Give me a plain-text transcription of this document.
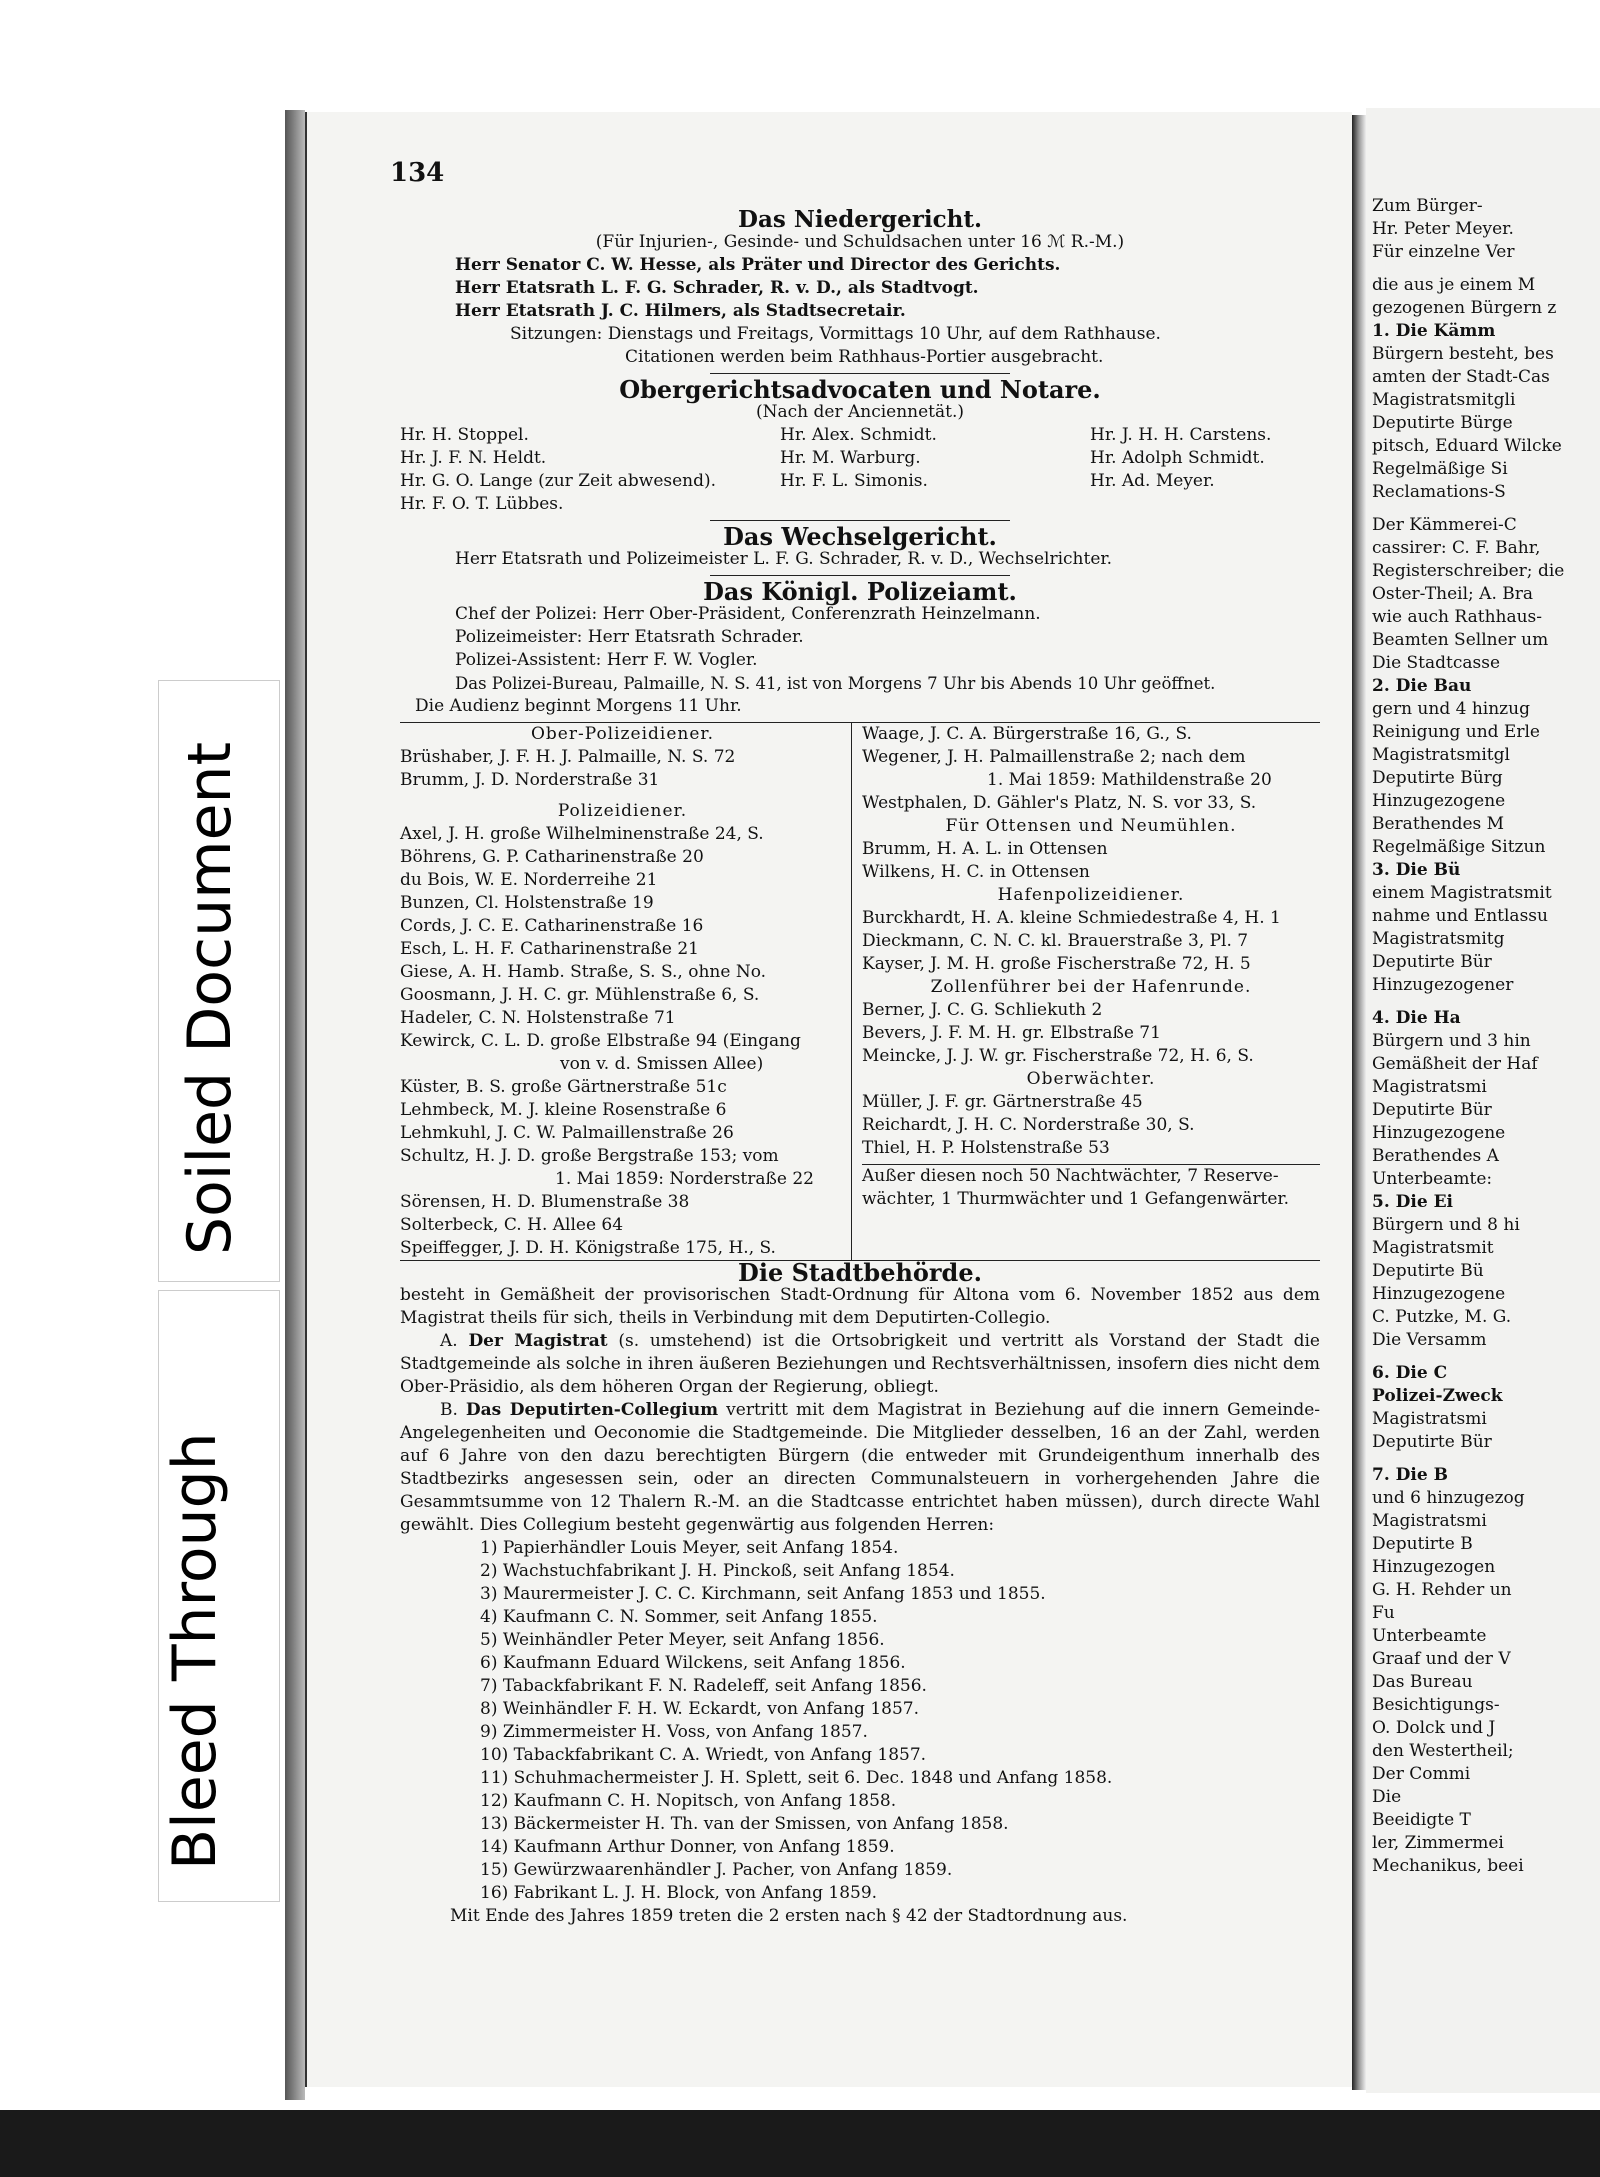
134

Das Niedergericht.

(Für Injurien-, Gesinde- und Schuldsachen unter 16 ℳ R.-M.)

Herr Senator C. W. Hesse, als Präter und Director des Gerichts.

Herr Etatsrath L. F. G. Schrader, R. v. D., als Stadtvogt.

Herr Etatsrath J. C. Hilmers, als Stadtsecretair.

Sitzungen: Dienstags und Freitags, Vormittags 10 Uhr, auf dem Rathhause.

Citationen werden beim Rathhaus-Portier ausgebracht.

Obergerichtsadvocaten und Notare.

(Nach der Anciennetät.)

Hr. H. Stoppel.

Hr. J. F. N. Heldt.

Hr. G. O. Lange (zur Zeit abwesend).

Hr. F. O. T. Lübbes.

Hr. Alex. Schmidt.

Hr. M. Warburg.

Hr. F. L. Simonis.

Hr. J. H. H. Carstens.

Hr. Adolph Schmidt.

Hr. Ad. Meyer.

Das Wechselgericht.

Herr Etatsrath und Polizeimeister L. F. G. Schrader, R. v. D., Wechselrichter.

Das Königl. Polizeiamt.

Chef der Polizei: Herr Ober-Präsident, Conferenzrath Heinzelmann.

Polizeimeister: Herr Etatsrath Schrader.

Polizei-Assistent: Herr F. W. Vogler.

Das Polizei-Bureau, Palmaille, N. S. 41, ist von Morgens 7 Uhr bis Abends 10 Uhr geöffnet.

Die Audienz beginnt Morgens 11 Uhr.

Ober-Polizeidiener.

Brüshaber, J. F. H. J. Palmaille, N. S. 72

Brumm, J. D. Norderstraße 31

Polizeidiener.

Axel, J. H. große Wilhelminenstraße 24, S.

Böhrens, G. P. Catharinenstraße 20

du Bois, W. E. Norderreihe 21

Bunzen, Cl. Holstenstraße 19

Cords, J. C. E. Catharinenstraße 16

Esch, L. H. F. Catharinenstraße 21

Giese, A. H. Hamb. Straße, S. S., ohne No.

Goosmann, J. H. C. gr. Mühlenstraße 6, S.

Hadeler, C. N. Holstenstraße 71

Kewirck, C. L. D. große Elbstraße 94 (Eingang

von v. d. Smissen Allee)

Küster, B. S. große Gärtnerstraße 51c

Lehmbeck, M. J. kleine Rosenstraße 6

Lehmkuhl, J. C. W. Palmaillenstraße 26

Schultz, H. J. D. große Bergstraße 153; vom

1. Mai 1859: Norderstraße 22

Sörensen, H. D. Blumenstraße 38

Solterbeck, C. H. Allee 64

Speiffegger, J. D. H. Königstraße 175, H., S.

Waage, J. C. A. Bürgerstraße 16, G., S.

Wegener, J. H. Palmaillenstraße 2; nach dem

1. Mai 1859: Mathildenstraße 20

Westphalen, D. Gähler's Platz, N. S. vor 33, S.

Für Ottensen und Neumühlen.

Brumm, H. A. L. in Ottensen

Wilkens, H. C. in Ottensen

Hafenpolizeidiener.

Burckhardt, H. A. kleine Schmiedestraße 4, H. 1

Dieckmann, C. N. C. kl. Brauerstraße 3, Pl. 7

Kayser, J. M. H. große Fischerstraße 72, H. 5

Zollenführer bei der Hafenrunde.

Berner, J. C. G. Schliekuth 2

Bevers, J. F. M. H. gr. Elbstraße 71

Meincke, J. J. W. gr. Fischerstraße 72, H. 6, S.

Oberwächter.

Müller, J. F. gr. Gärtnerstraße 45

Reichardt, J. H. C. Norderstraße 30, S.

Thiel, H. P. Holstenstraße 53

Außer diesen noch 50 Nachtwächter, 7 Reserve-

wächter, 1 Thurmwächter und 1 Gefangenwärter.

Die Stadtbehörde.

besteht in Gemäßheit der provisorischen Stadt-Ordnung für Altona vom 6. November 1852 aus dem Magistrat theils für sich, theils in Verbindung mit dem Deputirten-Collegio.

A. Der Magistrat (s. umstehend) ist die Ortsobrigkeit und vertritt als Vorstand der Stadt die Stadtgemeinde als solche in ihren äußeren Beziehungen und Rechtsverhältnissen, insofern dies nicht dem Ober-Präsidio, als dem höheren Organ der Regierung, obliegt.

B. Das Deputirten-Collegium vertritt mit dem Magistrat in Beziehung auf die innern Gemeinde-Angelegenheiten und Oeconomie die Stadtgemeinde. Die Mitglieder desselben, 16 an der Zahl, werden auf 6 Jahre von den dazu berechtigten Bürgern (die entweder mit Grundeigenthum innerhalb des Stadtbezirks angesessen sein, oder an directen Communalsteuern in vorhergehenden Jahre die Gesammtsumme von 12 Thalern R.-M. an die Stadtcasse entrichtet haben müssen), durch directe Wahl gewählt. Dies Collegium besteht gegenwärtig aus folgenden Herren:

1) Papierhändler Louis Meyer, seit Anfang 1854.

2) Wachstuchfabrikant J. H. Pinckoß, seit Anfang 1854.

3) Maurermeister J. C. C. Kirchmann, seit Anfang 1853 und 1855.

4) Kaufmann C. N. Sommer, seit Anfang 1855.

5) Weinhändler Peter Meyer, seit Anfang 1856.

6) Kaufmann Eduard Wilckens, seit Anfang 1856.

7) Tabackfabrikant F. N. Radeleff, seit Anfang 1856.

8) Weinhändler F. H. W. Eckardt, von Anfang 1857.

9) Zimmermeister H. Voss, von Anfang 1857.

10) Tabackfabrikant C. A. Wriedt, von Anfang 1857.

11) Schuhmachermeister J. H. Splett, seit 6. Dec. 1848 und Anfang 1858.

12) Kaufmann C. H. Nopitsch, von Anfang 1858.

13) Bäckermeister H. Th. van der Smissen, von Anfang 1858.

14) Kaufmann Arthur Donner, von Anfang 1859.

15) Gewürzwaarenhändler J. Pacher, von Anfang 1859.

16) Fabrikant L. J. H. Block, von Anfang 1859.

Mit Ende des Jahres 1859 treten die 2 ersten nach § 42 der Stadtordnung aus.

Zum Bürger-

Hr. Peter Meyer.

Für einzelne Ver

die aus je einem M

gezogenen Bürgern z

1. Die Kämm

Bürgern besteht, bes

amten der Stadt-Cas

Magistratsmitgli

Deputirte Bürge

pitsch, Eduard Wilcke

Regelmäßige Si

Reclamations-S

Der Kämmerei-C

cassirer: C. F. Bahr,

Registerschreiber; die

Oster-Theil; A. Bra

wie auch Rathhaus-

Beamten Sellner um

Die Stadtcasse

2. Die Bau

gern und 4 hinzug

Reinigung und Erle

Magistratsmitgl

Deputirte Bürg

Hinzugezogene

Berathendes M

Regelmäßige Sitzun

3. Die Bü

einem Magistratsmit

nahme und Entlassu

Magistratsmitg

Deputirte Bür

Hinzugezogener

4. Die Ha

Bürgern und 3 hin

Gemäßheit der Haf

Magistratsmi

Deputirte Bür

Hinzugezogene

Berathendes A

Unterbeamte:

5. Die Ei

Bürgern und 8 hi

Magistratsmit

Deputirte Bü

Hinzugezogene

C. Putzke, M. G.

Die Versamm

6. Die C

Polizei-Zweck

Magistratsmi

Deputirte Bür

7. Die B

und 6 hinzugezog

Magistratsmi

Deputirte B

Hinzugezogen

G. H. Rehder un

Fu

Unterbeamte

Graaf und der V

Das Bureau

Besichtigungs-

O. Dolck und J

den Westertheil;

Der Commi

Die

Beeidigte T

ler, Zimmermei

Mechanikus, beei

Soiled Document
Bleed Through
